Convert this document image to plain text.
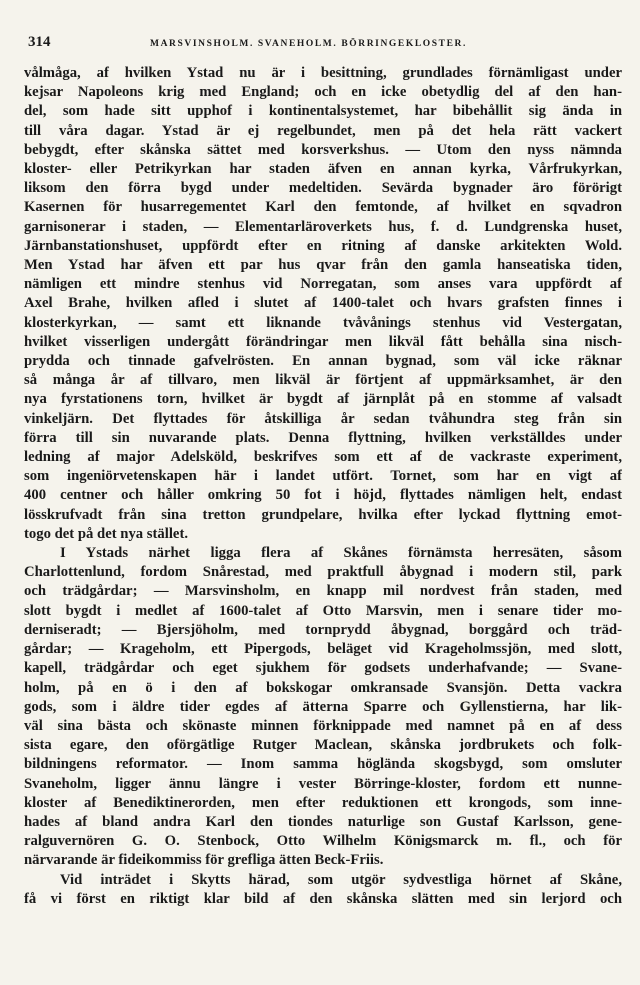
314	MARSVINSHOLM. SVANEHOLM. BÖRRINGEKLOSTER.
vålmåga, af hvilken Ystad nu är i besittning, grundlades förnämligast under
kejsar Napoleons krig med England; och en icke obetydlig del af den han-
del, som hade sitt upphof i kontinentalsystemet, har bibehållit sig ända in
till våra dagar. Ystad är ej regelbundet, men på det hela rätt vackert
bebygdt, efter skånska sättet med korsverkshus. — Utom den nyss nämnda
kloster- eller Petrikyrkan har staden äfven en annan kyrka, Vårfrukyrkan,
liksom den förra bygd under medeltiden. Sevärda bygnader äro förörigt
Kasernen för husarregementet Karl den femtonde, af hvilket en sqvadron
garnisonerar i staden, — Elementarläroverkets hus, f. d. Lundgrenska huset,
Järnbanstationshuset, uppfördt efter en ritning af danske arkitekten Wold.
Men Ystad har äfven ett par hus qvar från den gamla hanseatiska tiden,
nämligen ett mindre stenhus vid Norregatan, som anses vara uppfördt af
Axel Brahe, hvilken afled i slutet af 1400-talet och hvars grafsten finnes i
klosterkyrkan, — samt ett liknande tvåvånings stenhus vid Vestergatan,
hvilket visserligen undergått förändringar men likväl fått behålla sina nisch-
prydda och tinnade gafvelrösten. En annan bygnad, som väl icke räknar
så många år af tillvaro, men likväl är förtjent af uppmärksamhet, är den
nya fyrstationens torn, hvilket är bygdt af järnplåt på en stomme af valsadt
vinkeljärn. Det flyttades för åtskilliga år sedan tvåhundra steg från sin
förra till sin nuvarande plats. Denna flyttning, hvilken verkställdes under
ledning af major Adelsköld, beskrifves som ett af de vackraste experiment,
som ingeniörvetenskapen här i landet utfört. Tornet, som har en vigt af
400 centner och håller omkring 50 fot i höjd, flyttades nämligen helt, endast
lösskrufvadt från sina tretton grundpelare, hvilka efter lyckad flyttning emot-
togo det på det nya stället.
I Ystads närhet ligga flera af Skånes förnämsta herresäten, såsom
Charlottenlund, fordom Snårestad, med praktfull åbygnad i modern stil, park
och trädgårdar; — Marsvinsholm, en knapp mil nordvest från staden, med
slott bygdt i medlet af 1600-talet af Otto Marsvin, men i senare tider mo-
derniseradt; — Bjersjöholm, med tornprydd åbygnad, borggård och träd-
gårdar; — Krageholm, ett Pipergods, beläget vid Krageholmssjön, med slott,
kapell, trädgårdar och eget sjukhem för godsets underhafvande; — Svane-
holm, på en ö i den af bokskogar omkransade Svansjön. Detta vackra
gods, som i äldre tider egdes af ätterna Sparre och Gyllenstierna, har lik-
väl sina bästa och skönaste minnen förknippade med namnet på en af dess
sista egare, den oförgätlige Rutger Maclean, skånska jordbrukets och folk-
bildningens reformator. — Inom samma högländа skogsbygd, som omsluter
Svaneholm, ligger ännu längre i vester Börringe-kloster, fordom ett nunne-
kloster af Benediktinerorden, men efter reduktionen ett krongods, som inne-
hades af bland andra Karl den tiondes naturlige son Gustaf Karlsson, gene-
ralguvernören G. O. Stenbock, Otto Wilhelm Königsmarck m. fl., och för
närvarande är fideikommiss för grefliga ätten Beck-Friis.
Vid inträdet i Skytts härad, som utgör sydvestliga hörnet af Skåne,
få vi först en riktigt klar bild af den skånska slätten med sin lerjord och
